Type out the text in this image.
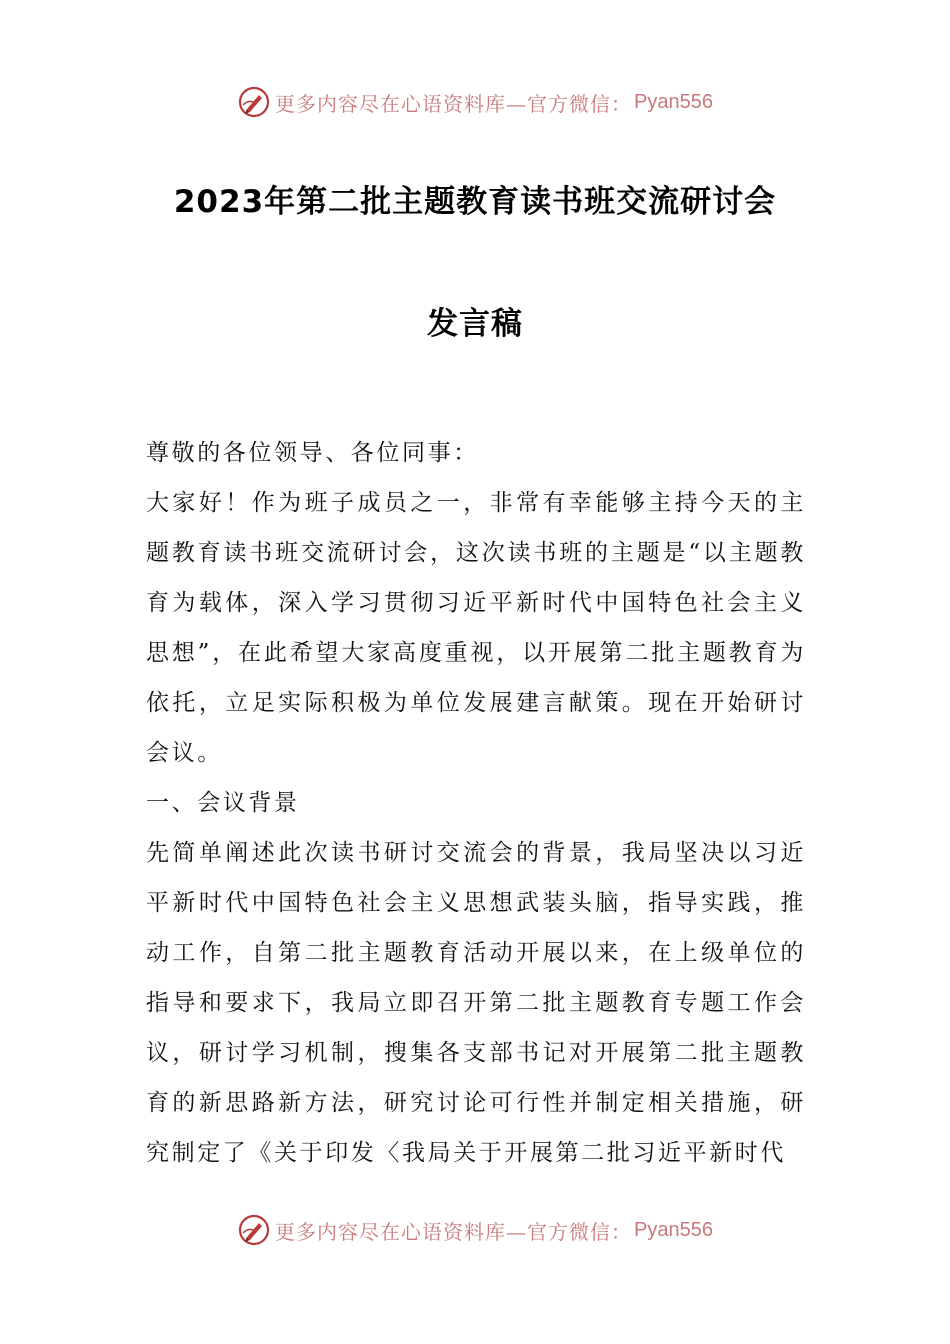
更多内容尽在心语资料库—官方微信： Pyan556
2023年第二批主题教育读书班交流研讨会
发言稿

尊敬的各位领导、各位同事：

大家好！作为班子成员之一，非常有幸能够主持今天的主题教育读书班交流研讨会，这次读书班的主题是“以主题教育为载体，深入学习贯彻习近平新时代中国特色社会主义思想”，在此希望大家高度重视，以开展第二批主题教育为依托，立足实际积极为单位发展建言献策。现在开始研讨会议。

一、会议背景

先简单阐述此次读书研讨交流会的背景，我局坚决以习近平新时代中国特色社会主义思想武装头脑，指导实践，推动工作，自第二批主题教育活动开展以来，在上级单位的指导和要求下，我局立即召开第二批主题教育专题工作会议，研讨学习机制，搜集各支部书记对开展第二批主题教育的新思路新方法，研究讨论可行性并制定相关措施，研究制定了《关于印发〈我局关于开展第二批习近平新时代

更多内容尽在心语资料库—官方微信： Pyan556
